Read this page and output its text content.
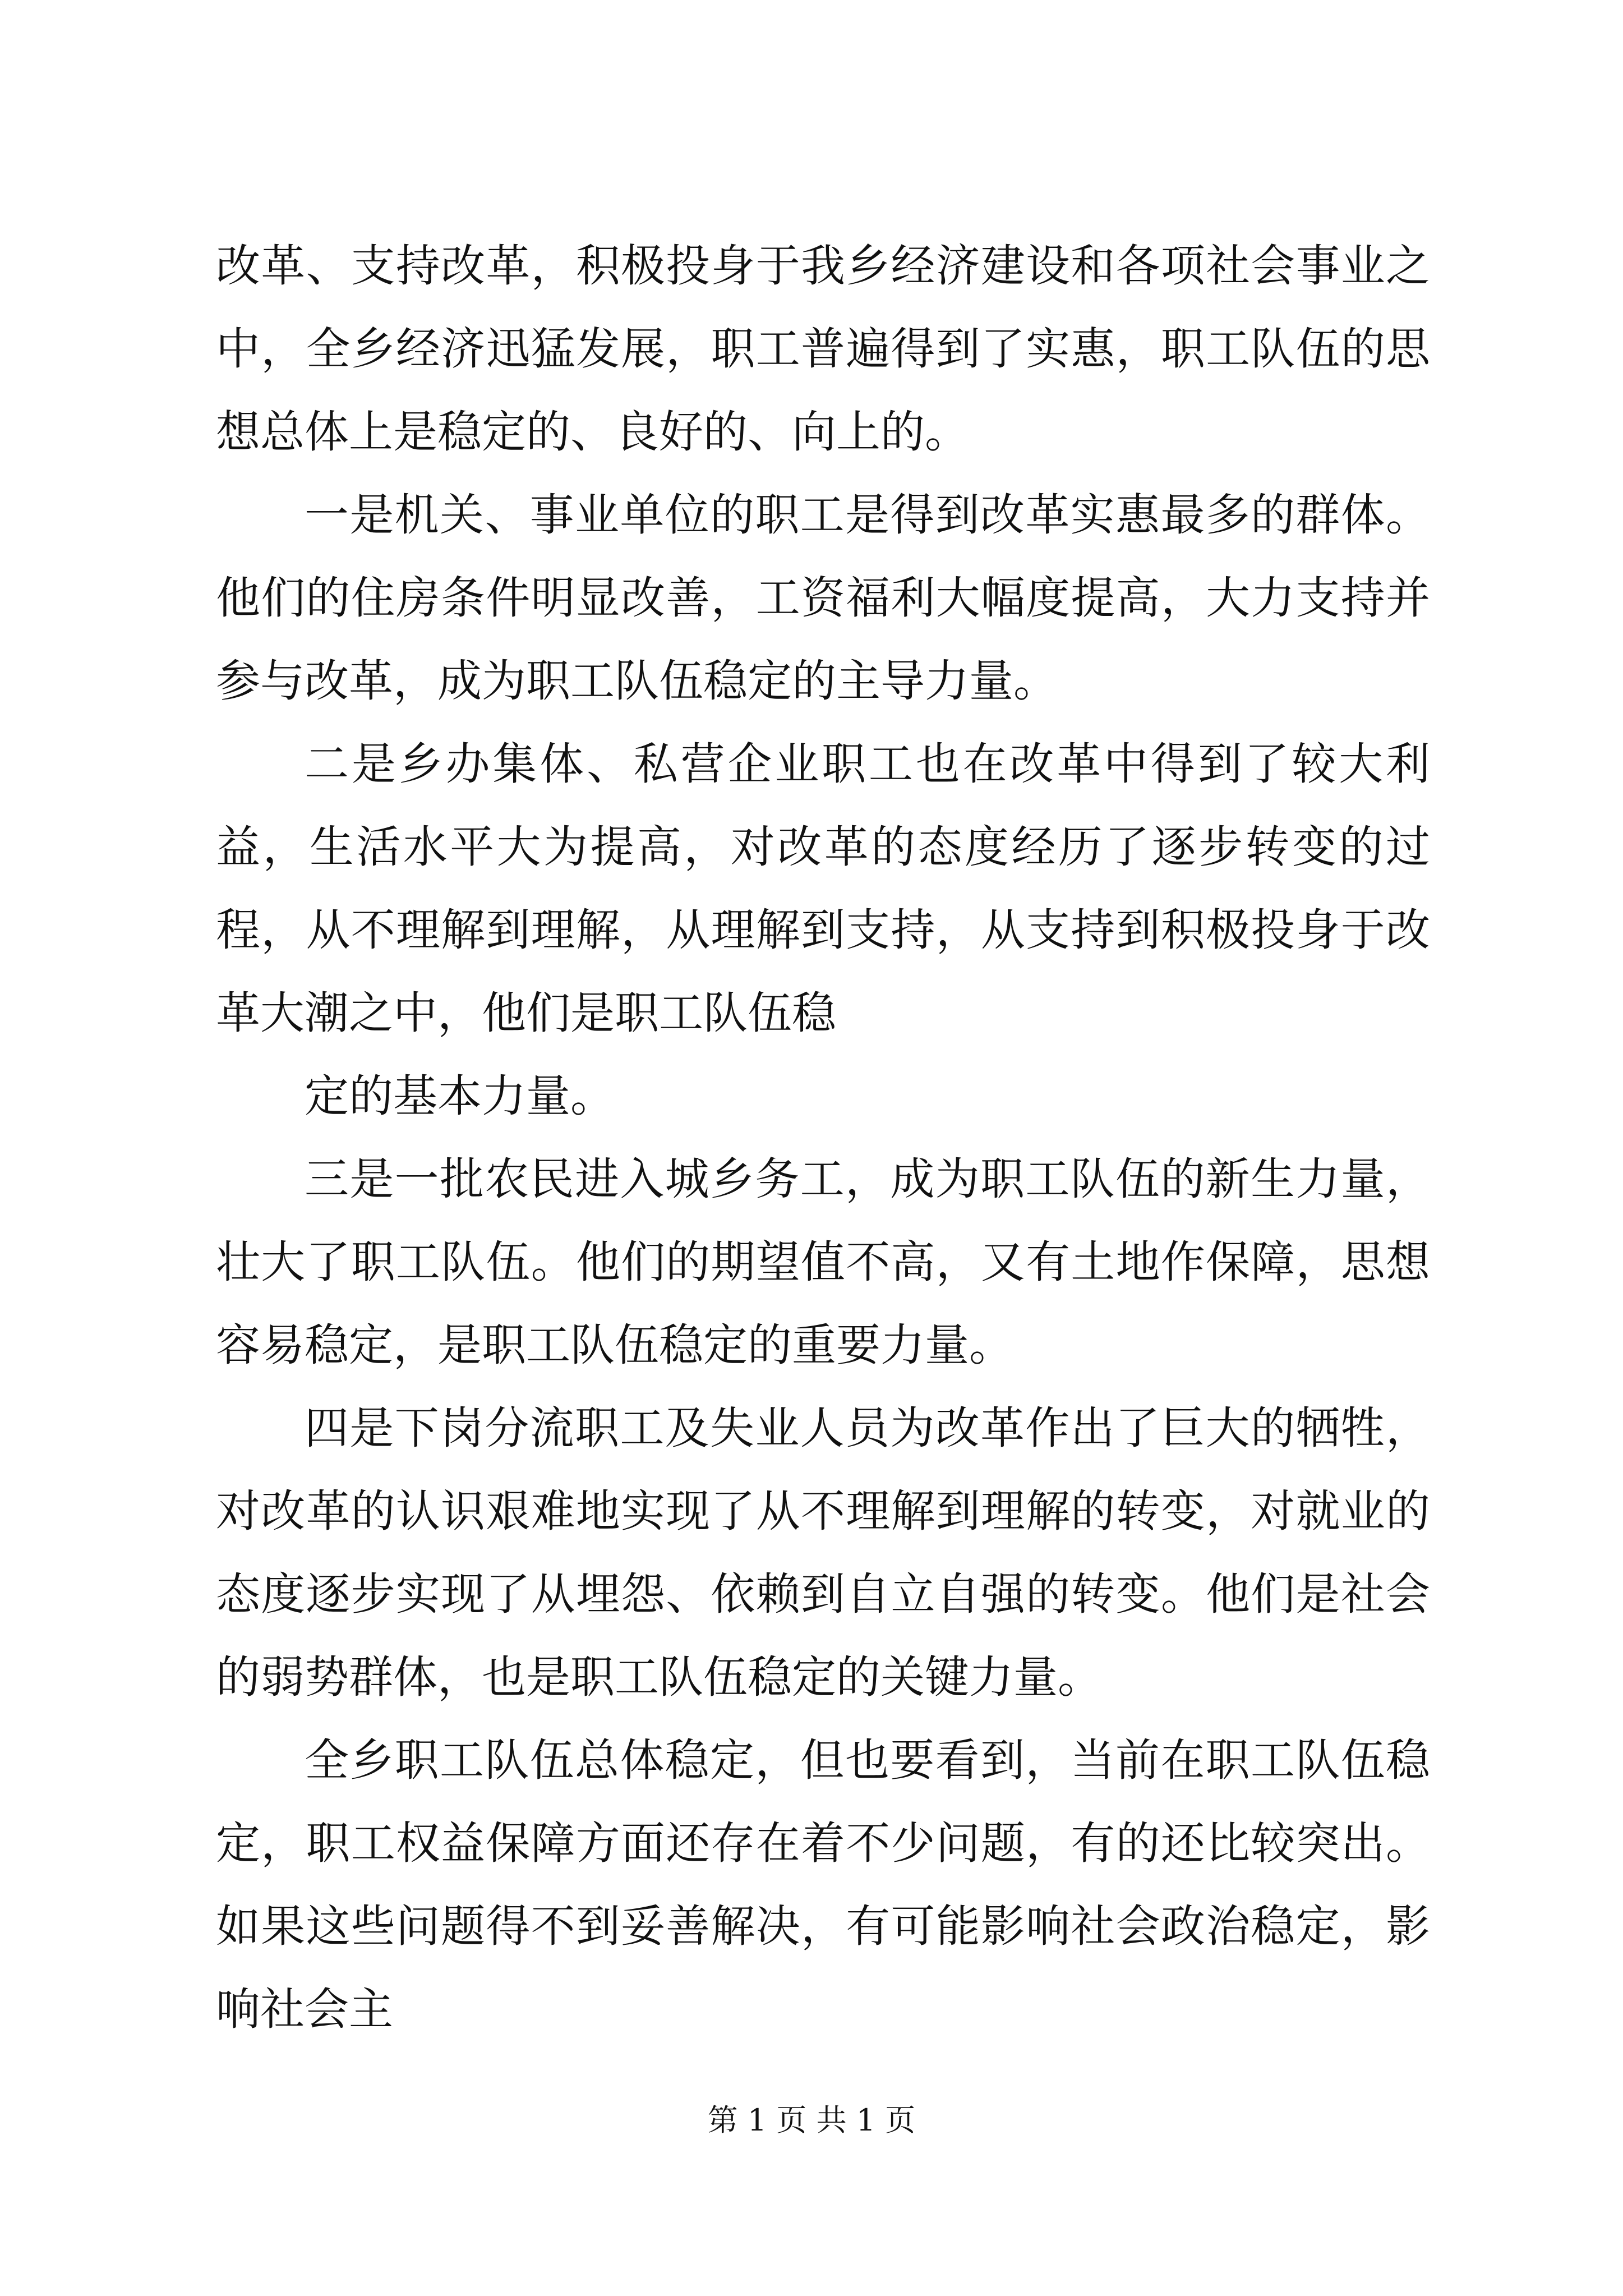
改革、支持改革，积极投身于我乡经济建设和各项社会事业之中，全乡经济迅猛发展，职工普遍得到了实惠，职工队伍的思想总体上是稳定的、良好的、向上的。

一是机关、事业单位的职工是得到改革实惠最多的群体。他们的住房条件明显改善，工资福利大幅度提高，大力支持并参与改革，成为职工队伍稳定的主导力量。

二是乡办集体、私营企业职工也在改革中得到了较大利益，生活水平大为提高，对改革的态度经历了逐步转变的过程，从不理解到理解，从理解到支持，从支持到积极投身于改革大潮之中，他们是职工队伍稳

定的基本力量。

三是一批农民进入城乡务工，成为职工队伍的新生力量，壮大了职工队伍。他们的期望值不高，又有土地作保障，思想容易稳定，是职工队伍稳定的重要力量。

四是下岗分流职工及失业人员为改革作出了巨大的牺牲，对改革的认识艰难地实现了从不理解到理解的转变，对就业的态度逐步实现了从埋怨、依赖到自立自强的转变。他们是社会的弱势群体，也是职工队伍稳定的关键力量。

全乡职工队伍总体稳定，但也要看到，当前在职工队伍稳定，职工权益保障方面还存在着不少问题，有的还比较突出。如果这些问题得不到妥善解决，有可能影响社会政治稳定，影响社会主

第 1 页 共 1 页
